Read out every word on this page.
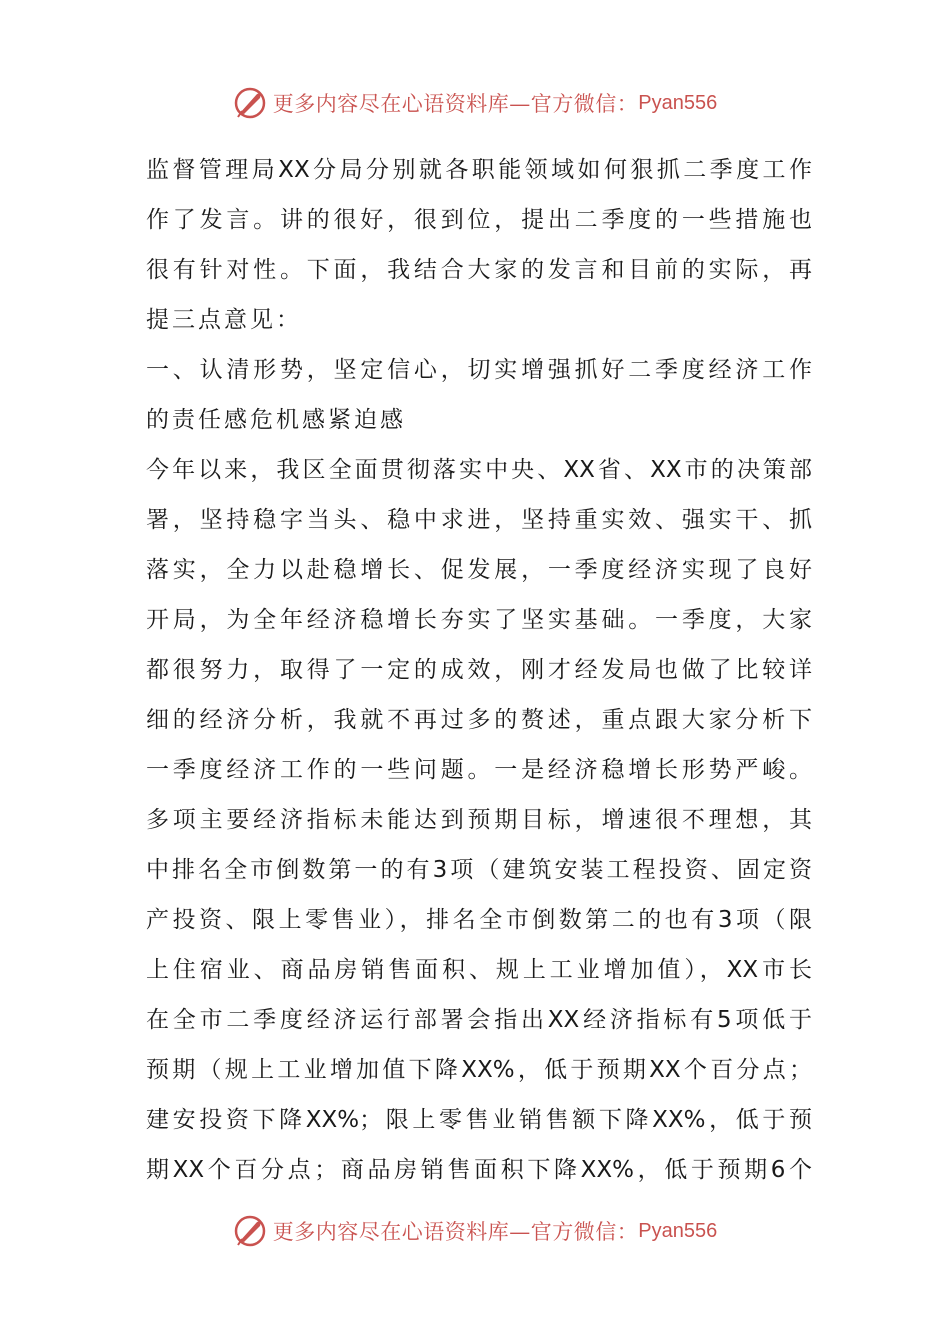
更多内容尽在心语资料库—官方微信： Pyan556
监督管理局XX分局分别就各职能领域如何狠抓二季度工作
作了发言。讲的很好，很到位，提出二季度的一些措施也
很有针对性。下面，我结合大家的发言和目前的实际，再
提三点意见：
一、认清形势，坚定信心，切实增强抓好二季度经济工作
的责任感危机感紧迫感
今年以来，我区全面贯彻落实中央、XX省、XX市的决策部
署，坚持稳字当头、稳中求进，坚持重实效、强实干、抓
落实，全力以赴稳增长、促发展，一季度经济实现了良好
开局，为全年经济稳增长夯实了坚实基础。一季度，大家
都很努力，取得了一定的成效，刚才经发局也做了比较详
细的经济分析，我就不再过多的赘述，重点跟大家分析下
一季度经济工作的一些问题。一是经济稳增长形势严峻。
多项主要经济指标未能达到预期目标，增速很不理想，其
中排名全市倒数第一的有3项（建筑安装工程投资、固定资
产投资、限上零售业），排名全市倒数第二的也有3项（限
上住宿业、商品房销售面积、规上工业增加值），XX市长
在全市二季度经济运行部署会指出XX经济指标有5项低于
预期（规上工业增加值下降XX%，低于预期XX个百分点；
建安投资下降XX%；限上零售业销售额下降XX%，低于预
期XX个百分点；商品房销售面积下降XX%，低于预期6个
更多内容尽在心语资料库—官方微信： Pyan556
